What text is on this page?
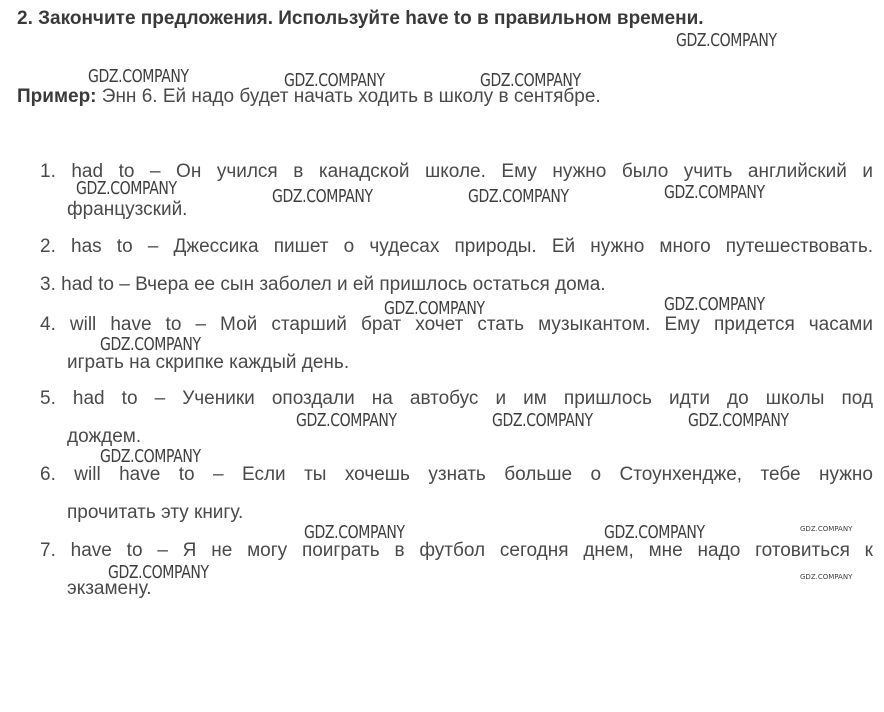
2. Закончите предложения. Используйте have to в правильном времени.
Пример: Энн 6. Ей надо будет начать ходить в школу в сентябре.
1. had to – Он учился в канадской школе. Ему нужно было учить английский и
французский.
2. has to – Джессика пишет о чудесах природы. Ей нужно много путешествовать.
3. had to – Вчера ее сын заболел и ей пришлось остаться дома.
4. will have to – Мой старший брат хочет стать музыкантом. Ему придется часами
играть на скрипке каждый день.
5. had to – Ученики опоздали на автобус и им пришлось идти до школы под
дождем.
6. will have to – Если ты хочешь узнать больше о Стоунхендже, тебе нужно
прочитать эту книгу.
7. have to – Я не могу поиграть в футбол сегодня днем, мне надо готовиться к
экзамену.
GDZ.COMPANY
GDZ.COMPANY	GDZ.COMPANY	GDZ.COMPANY
GDZ.COMPANY	GDZ.COMPANY	GDZ.COMPANY	GDZ.COMPANY
GDZ.COMPANY	GDZ.COMPANY
GDZ.COMPANY
GDZ.COMPANY	GDZ.COMPANY	GDZ.COMPANY
GDZ.COMPANY
GDZ.COMPANY	GDZ.COMPANY
GDZ.COMPANY
GDZ.COMPANY
GDZ.COMPANY
